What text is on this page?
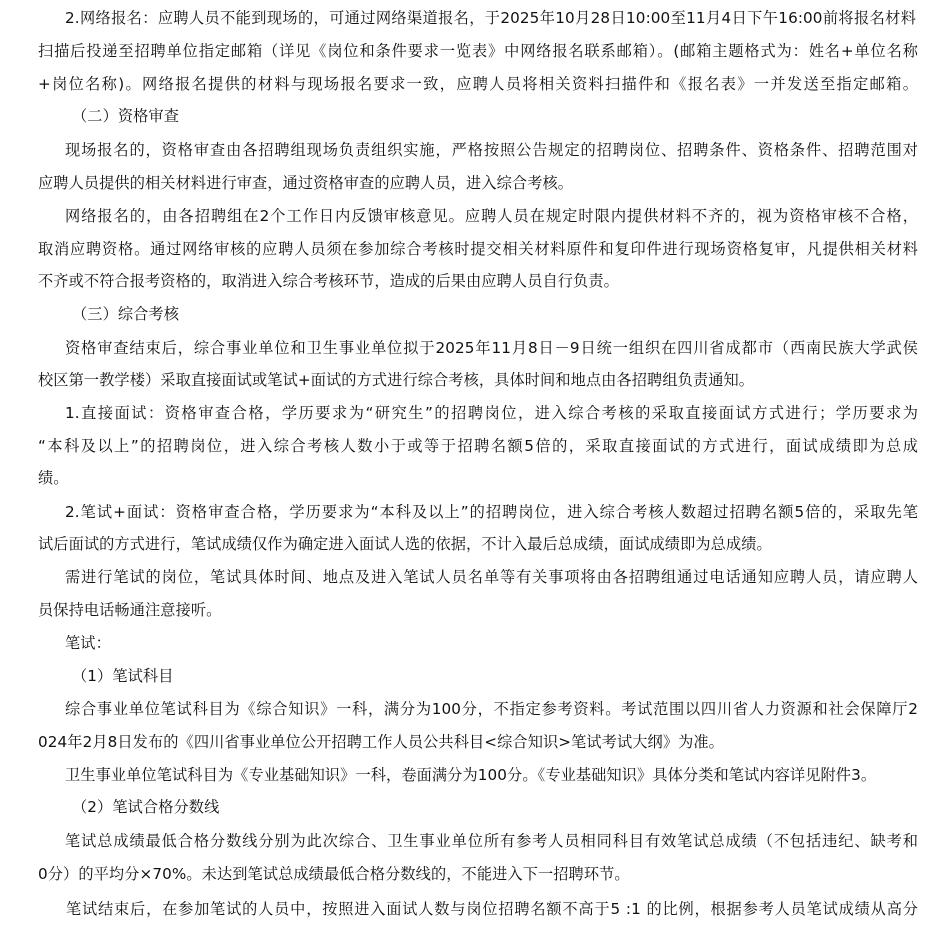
2.网络报名：应聘人员不能到现场的，可通过网络渠道报名，于2025年10月28日10:00至11月4日下午16:00前将报名材料
扫描后投递至招聘单位指定邮箱（详见《岗位和条件要求一览表》中网络报名联系邮箱）。(邮箱主题格式为：姓名+单位名称
+岗位名称)。网络报名提供的材料与现场报名要求一致，应聘人员将相关资料扫描件和《报名表》一并发送至指定邮箱。
（二）资格审查
现场报名的，资格审查由各招聘组现场负责组织实施，严格按照公告规定的招聘岗位、招聘条件、资格条件、招聘范围对
应聘人员提供的相关材料进行审查，通过资格审查的应聘人员，进入综合考核。
网络报名的，由各招聘组在2个工作日内反馈审核意见。应聘人员在规定时限内提供材料不齐的，视为资格审核不合格，
取消应聘资格。通过网络审核的应聘人员须在参加综合考核时提交相关材料原件和复印件进行现场资格复审，凡提供相关材料
不齐或不符合报考资格的，取消进入综合考核环节，造成的后果由应聘人员自行负责。
（三）综合考核
资格审查结束后，综合事业单位和卫生事业单位拟于2025年11月8日－9日统一组织在四川省成都市（西南民族大学武侯
校区第一教学楼）采取直接面试或笔试+面试的方式进行综合考核，具体时间和地点由各招聘组负责通知。
1.直接面试：资格审查合格，学历要求为“研究生”的招聘岗位，进入综合考核的采取直接面试方式进行；学历要求为
“本科及以上”的招聘岗位，进入综合考核人数小于或等于招聘名额5倍的，采取直接面试的方式进行，面试成绩即为总成
绩。
2.笔试+面试：资格审查合格，学历要求为“本科及以上”的招聘岗位，进入综合考核人数超过招聘名额5倍的，采取先笔
试后面试的方式进行，笔试成绩仅作为确定进入面试人选的依据，不计入最后总成绩，面试成绩即为总成绩。
需进行笔试的岗位，笔试具体时间、地点及进入笔试人员名单等有关事项将由各招聘组通过电话通知应聘人员，请应聘人
员保持电话畅通注意接听。
笔试：
（1）笔试科目
综合事业单位笔试科目为《综合知识》一科，满分为100分，不指定参考资料。考试范围以四川省人力资源和社会保障厅2
024年2月8日发布的《四川省事业单位公开招聘工作人员公共科目<综合知识>笔试考试大纲》为准。
卫生事业单位笔试科目为《专业基础知识》一科，卷面满分为100分。《专业基础知识》具体分类和笔试内容详见附件3。
（2）笔试合格分数线
笔试总成绩最低合格分数线分别为此次综合、卫生事业单位所有参考人员相同科目有效笔试总成绩（不包括违纪、缺考和
0分）的平均分×70%。未达到笔试总成绩最低合格分数线的，不能进入下一招聘环节。
笔试结束后，在参加笔试的人员中，按照进入面试人数与岗位招聘名额不高于5 :1 的比例，根据参考人员笔试成绩从高分
